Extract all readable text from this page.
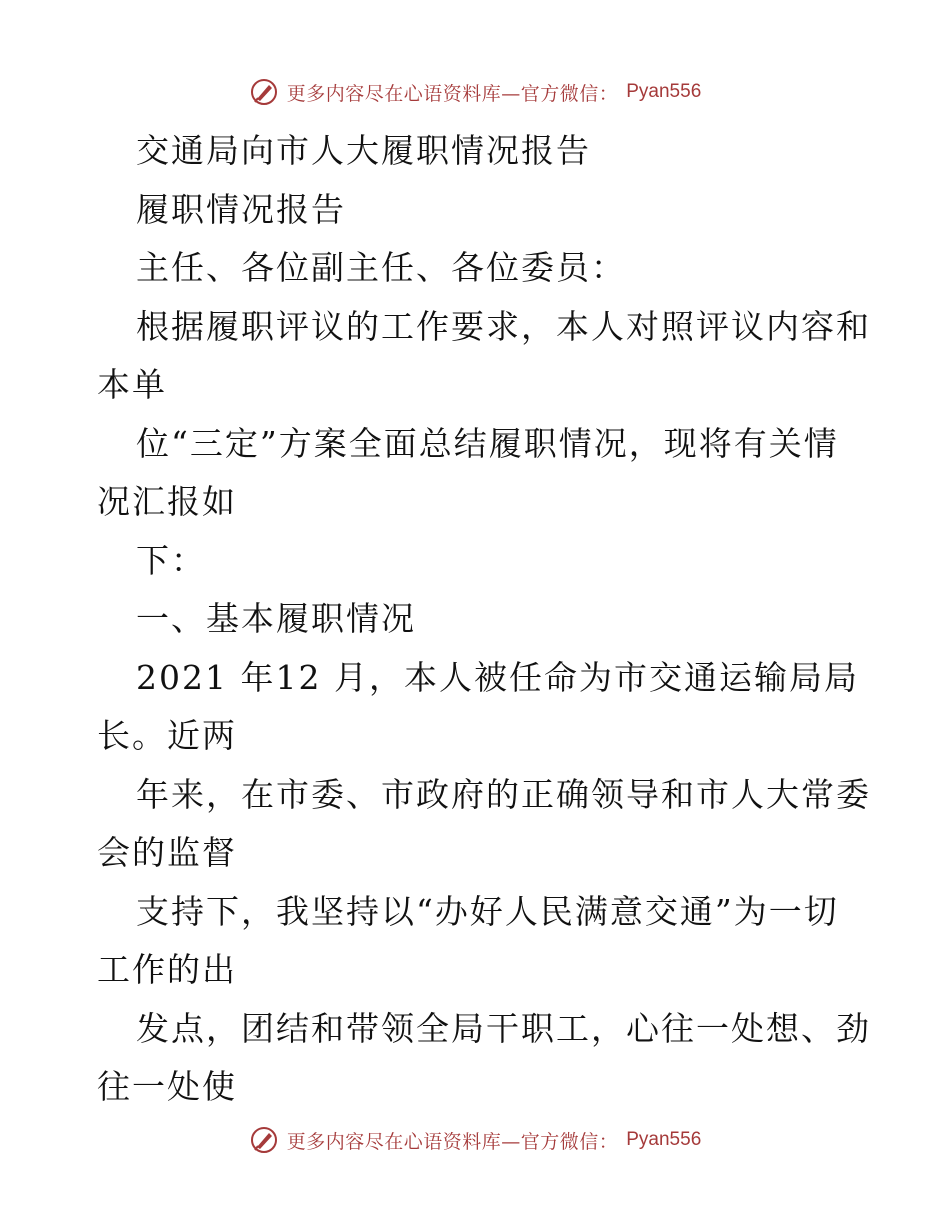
更多内容尽在心语资料库—官方微信： Pyan556
交通局向市人大履职情况报告
履职情况报告
主任、各位副主任、各位委员：
根据履职评议的工作要求，本人对照评议内容和
本单
位“三定”方案全面总结履职情况，现将有关情
况汇报如
下：
一、基本履职情况
2021 年12 月，本人被任命为市交通运输局局
长。近两
年来，在市委、市政府的正确领导和市人大常委
会的监督
支持下，我坚持以“办好人民满意交通”为一切
工作的出
发点，团结和带领全局干职工，心往一处想、劲
往一处使
更多内容尽在心语资料库—官方微信： Pyan556
